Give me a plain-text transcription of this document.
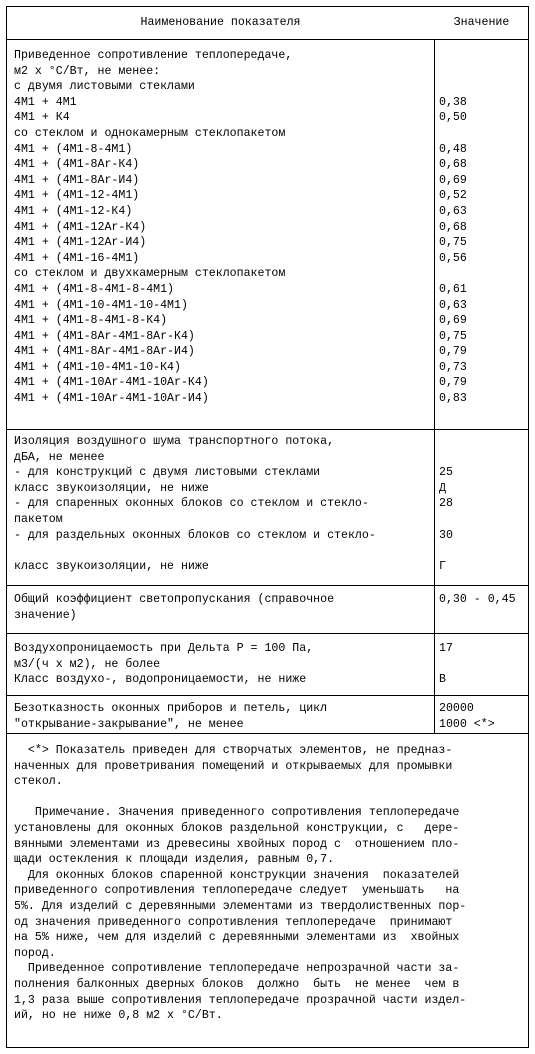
Наименование показателя	Значение
Приведенное сопротивление теплопередаче,
м2 х °С/Вт, не менее:
с двумя листовыми стеклами
4М1 + 4М1
4М1 + К4
со стеклом и однокамерным стеклопакетом
4М1 + (4М1-8-4М1)
4М1 + (4М1-8Ar-К4)
4М1 + (4М1-8Ar-И4)
4М1 + (4М1-12-4М1)
4М1 + (4М1-12-К4)
4М1 + (4М1-12Ar-К4)
4М1 + (4М1-12Ar-И4)
4М1 + (4М1-16-4М1)
со стеклом и двухкамерным стеклопакетом
4М1 + (4М1-8-4М1-8-4М1)
4М1 + (4М1-10-4М1-10-4М1)
4М1 + (4М1-8-4М1-8-К4)
4М1 + (4М1-8Ar-4М1-8Ar-К4)
4М1 + (4М1-8Ar-4М1-8Ar-И4)
4М1 + (4М1-10-4М1-10-К4)
4М1 + (4М1-10Ar-4М1-10Ar-К4)
4М1 + (4М1-10Ar-4М1-10Ar-И4)
0,38
0,50
0,48
0,68
0,69
0,52
0,63
0,68
0,75
0,56
0,61
0,63
0,69
0,75
0,79
0,73
0,79
0,83
Изоляция воздушного шума транспортного потока,
дБА, не менее
- для конструкций с двумя листовыми стеклами
класс звукоизоляции, не ниже
- для спаренных оконных блоков со стеклом и стекло-
пакетом
- для раздельных оконных блоков со стеклом и стекло-
класс звукоизоляции, не ниже
25
Д
28
30
Г
Общий коэффициент светопропускания (справочное
значение)
0,30 - 0,45
Воздухопроницаемость при Дельта P = 100 Па,
м3/(ч х м2), не более
Класс воздухо-, водопроницаемости, не ниже
17
В
Безотказность оконных приборов и петель, цикл
"открывание-закрывание", не менее
20000
1000 <*>
<*> Показатель приведен для створчатых элементов, не предназ-
наченных для проветривания помещений и открываемых для промывки
стекол.
Примечание. Значения приведенного сопротивления теплопередаче
установлены для оконных блоков раздельной конструкции, с   дере-
вянными элементами из древесины хвойных пород с  отношением пло-
щади остекления к площади изделия, равным 0,7.
Для оконных блоков спаренной конструкции значения  показателей
приведенного сопротивления теплопередаче следует  уменьшать   на
5%. Для изделий с деревянными элементами из твердолиственных пор-
од значения приведенного сопротивления теплопередаче  принимают
на 5% ниже, чем для изделий с деревянными элементами из  хвойных
пород.
Приведенное сопротивление теплопередаче непрозрачной части за-
полнения балконных дверных блоков  должно  быть  не менее  чем в
1,3 раза выше сопротивления теплопередаче прозрачной части издел-
ий, но не ниже 0,8 м2 х °С/Вт.
